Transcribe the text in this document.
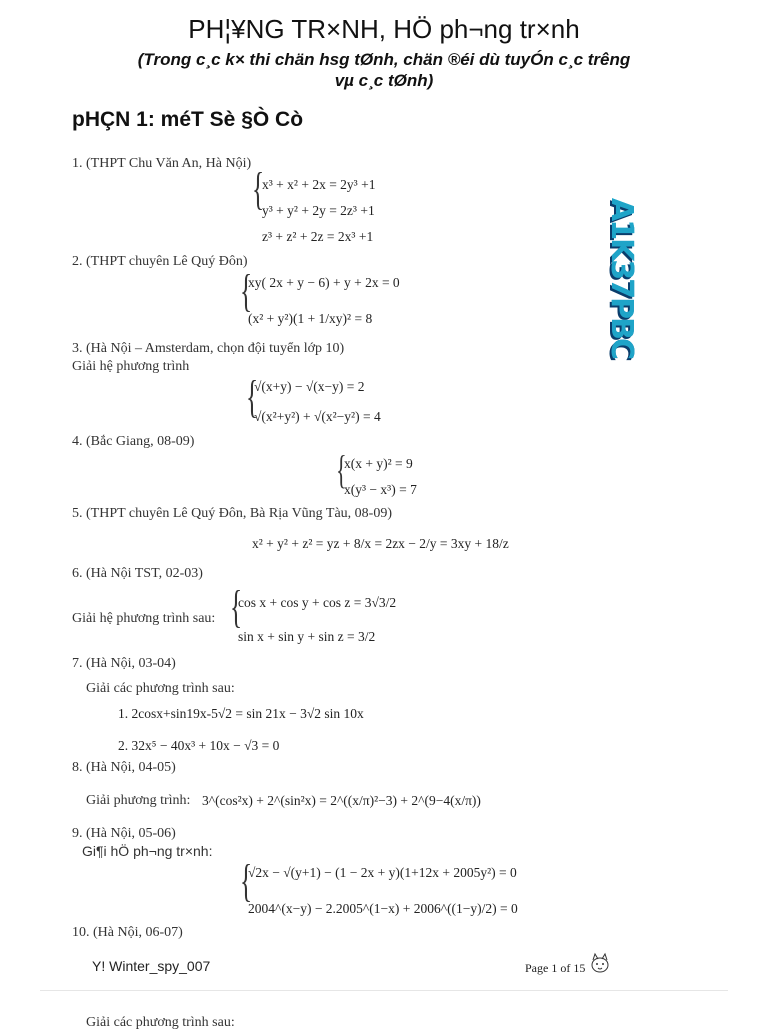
PH¦¥NG TR×NH, HÖ ph¬ng tr×nh
(Trong c¸c k× thi chän hsg tØnh, chän ®éi dù tuyÓn c¸c trêng
vµ c¸c tØnh)
pHÇN 1: méT Sè §Ò Cò
1. (THPT Chu Văn An, Hà Nội) {
x³ + x² + 2x = 2y³ +1
y³ + y² + 2y = 2z³ +1
z³ + z² + 2z = 2x³ +1
2. (THPT chuyên Lê Quý Đôn)
{
xy( 2x + y − 6) + y + 2x = 0
(x² + y²)(1 + 1/xy)² = 8
3. (Hà Nội – Amsterdam, chọn đội tuyển lớp 10)
Giải hệ phương trình
{
√(x+y) − √(x−y) = 2
√(x²+y²) + √(x²−y²) = 4
4. (Bắc Giang, 08-09)
{
x(x + y)² = 9
x(y³ − x³) = 7
5. (THPT chuyên Lê Quý Đôn, Bà Rịa Vũng Tàu, 08-09)
x² + y² + z² = yz + 8/x = 2zx − 2/y = 3xy + 18/z
6. (Hà Nội TST, 02-03)
Giải hệ phương trình sau: {
cos x + cos y + cos z = 3√3/2
sin x + sin y + sin z = 3/2
7. (Hà Nội, 03-04)
Giải các phương trình sau:
1. 2cosx+sin19x-5√2 = sin 21x − 3√2 sin 10x
2. 32x⁵ − 40x³ + 10x − √3 = 0
8. (Hà Nội, 04-05)
Giải phương trình: 3^(cos²x) + 2^(sin²x) = 2^((x/π)²−3) + 2^(9−4(x/π))
9. (Hà Nội, 05-06)
Gi¶i hÖ ph¬ng tr×nh:
{
√2x − √(y+1) − (1 − 2x + y)(1+12x + 2005y²) = 0
2004^(x−y) − 2.2005^(1−x) + 2006^((1−y)/2) = 0
10. (Hà Nội, 06-07)
A1K37PBC
Y! Winter_spy_007	Page 1 of 15
Giải các phương trình sau:
